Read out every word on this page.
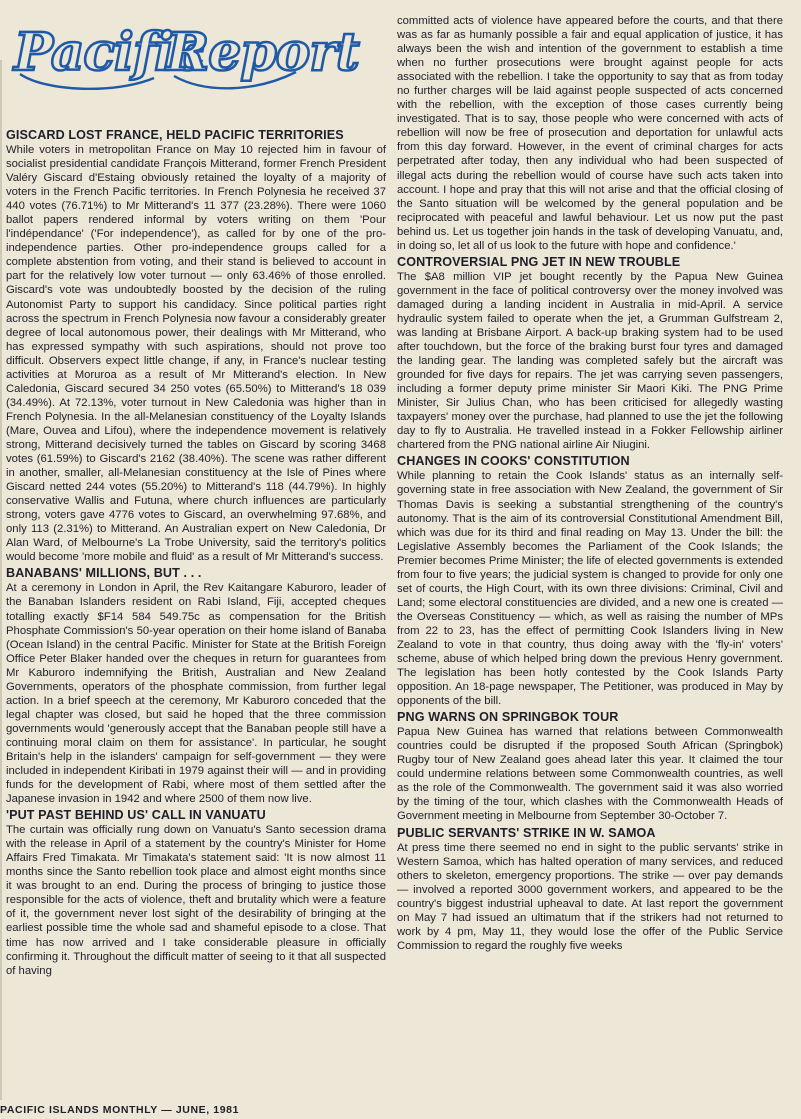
Pacific
Report
GISCARD LOST FRANCE, HELD PACIFIC TERRITORIES

While voters in metropolitan France on May 10 rejected him in favour of socialist presidential candidate François Mitterand, former French President Valéry Giscard d'Estaing obviously retained the loyalty of a majority of voters in the French Pacific territories. In French Polynesia he received 37 440 votes (76.71%) to Mr Mitterand's 11 377 (23.28%). There were 1060 ballot papers rendered informal by voters writing on them 'Pour l'indépendance' ('For independence'), as called for by one of the pro-independence parties. Other pro-independence groups called for a complete abstention from voting, and their stand is believed to account in part for the relatively low voter turnout — only 63.46% of those enrolled. Giscard's vote was undoubtedly boosted by the decision of the ruling Autonomist Party to support his candidacy. Since political parties right across the spectrum in French Polynesia now favour a considerably greater degree of local autonomous power, their dealings with Mr Mitterand, who has expressed sympathy with such aspirations, should not prove too difficult. Observers expect little change, if any, in France's nuclear testing activities at Moruroa as a result of Mr Mitterand's election. In New Caledonia, Giscard secured 34 250 votes (65.50%) to Mitterand's 18 039 (34.49%). At 72.13%, voter turnout in New Caledonia was higher than in French Polynesia. In the all-Melanesian constituency of the Loyalty Islands (Mare, Ouvea and Lifou), where the independence movement is relatively strong, Mitterand decisively turned the tables on Giscard by scoring 3468 votes (61.59%) to Giscard's 2162 (38.40%). The scene was rather different in another, smaller, all-Melanesian constituency at the Isle of Pines where Giscard netted 244 votes (55.20%) to Mitterand's 118 (44.79%). In highly conservative Wallis and Futuna, where church influences are particularly strong, voters gave 4776 votes to Giscard, an overwhelming 97.68%, and only 113 (2.31%) to Mitterand. An Australian expert on New Caledonia, Dr Alan Ward, of Melbourne's La Trobe University, said the territory's politics would become 'more mobile and fluid' as a result of Mr Mitterand's success.

BANABANS' MILLIONS, BUT . . .

At a ceremony in London in April, the Rev Kaitangare Kaburoro, leader of the Banaban Islanders resident on Rabi Island, Fiji, accepted cheques totalling exactly $F14 584 549.75c as compensation for the British Phosphate Commission's 50-year operation on their home island of Banaba (Ocean Island) in the central Pacific. Minister for State at the British Foreign Office Peter Blaker handed over the cheques in return for guarantees from Mr Kaburoro indemnifying the British, Australian and New Zealand Governments, operators of the phosphate commission, from further legal action. In a brief speech at the ceremony, Mr Kaburoro conceded that the legal chapter was closed, but said he hoped that the three commission governments would 'generously accept that the Banaban people still have a continuing moral claim on them for assistance'. In particular, he sought Britain's help in the islanders' campaign for self-government — they were included in independent Kiribati in 1979 against their will — and in providing funds for the development of Rabi, where most of them settled after the Japanese invasion in 1942 and where 2500 of them now live.

'PUT PAST BEHIND US' CALL IN VANUATU

The curtain was officially rung down on Vanuatu's Santo secession drama with the release in April of a statement by the country's Minister for Home Affairs Fred Timakata. Mr Timakata's statement said: 'It is now almost 11 months since the Santo rebellion took place and almost eight months since it was brought to an end. During the process of bringing to justice those responsible for the acts of violence, theft and brutality which were a feature of it, the government never lost sight of the desirability of bringing at the earliest possible time the whole sad and shameful episode to a close. That time has now arrived and I take considerable pleasure in officially confirming it. Throughout the difficult matter of seeing to it that all suspected of having

committed acts of violence have appeared before the courts, and that there was as far as humanly possible a fair and equal application of justice, it has always been the wish and intention of the government to establish a time when no further prosecutions were brought against people for acts associated with the rebellion. I take the opportunity to say that as from today no further charges will be laid against people suspected of acts concerned with the rebellion, with the exception of those cases currently being investigated. That is to say, those people who were concerned with acts of rebellion will now be free of prosecution and deportation for unlawful acts from this day forward. However, in the event of criminal charges for acts perpetrated after today, then any individual who had been suspected of illegal acts during the rebellion would of course have such acts taken into account. I hope and pray that this will not arise and that the official closing of the Santo situation will be welcomed by the general population and be reciprocated with peaceful and lawful behaviour. Let us now put the past behind us. Let us together join hands in the task of developing Vanuatu, and, in doing so, let all of us look to the future with hope and confidence.'

CONTROVERSIAL PNG JET IN NEW TROUBLE

The $A8 million VIP jet bought recently by the Papua New Guinea government in the face of political controversy over the money involved was damaged during a landing incident in Australia in mid-April. A service hydraulic system failed to operate when the jet, a Grumman Gulfstream 2, was landing at Brisbane Airport. A back-up braking system had to be used after touchdown, but the force of the braking burst four tyres and damaged the landing gear. The landing was completed safely but the aircraft was grounded for five days for repairs. The jet was carrying seven passengers, including a former deputy prime minister Sir Maori Kiki. The PNG Prime Minister, Sir Julius Chan, who has been criticised for allegedly wasting taxpayers' money over the purchase, had planned to use the jet the following day to fly to Australia. He travelled instead in a Fokker Fellowship airliner chartered from the PNG national airline Air Niugini.

CHANGES IN COOKS' CONSTITUTION

While planning to retain the Cook Islands' status as an internally self-governing state in free association with New Zealand, the government of Sir Thomas Davis is seeking a substantial strengthening of the country's autonomy. That is the aim of its controversial Constitutional Amendment Bill, which was due for its third and final reading on May 13. Under the bill: the Legislative Assembly becomes the Parliament of the Cook Islands; the Premier becomes Prime Minister; the life of elected governments is extended from four to five years; the judicial system is changed to provide for only one set of courts, the High Court, with its own three divisions: Criminal, Civil and Land; some electoral constituencies are divided, and a new one is created — the Overseas Constituency — which, as well as raising the number of MPs from 22 to 23, has the effect of permitting Cook Islanders living in New Zealand to vote in that country, thus doing away with the 'fly-in' voters' scheme, abuse of which helped bring down the previous Henry government. The legislation has been hotly contested by the Cook Islands Party opposition. An 18-page newspaper, The Petitioner, was produced in May by opponents of the bill.

PNG WARNS ON SPRINGBOK TOUR

Papua New Guinea has warned that relations between Commonwealth countries could be disrupted if the proposed South African (Springbok) Rugby tour of New Zealand goes ahead later this year. It claimed the tour could undermine relations between some Commonwealth countries, as well as the role of the Commonwealth. The government said it was also worried by the timing of the tour, which clashes with the Commonwealth Heads of Government meeting in Melbourne from September 30-October 7.

PUBLIC SERVANTS' STRIKE IN W. SAMOA

At press time there seemed no end in sight to the public servants' strike in Western Samoa, which has halted operation of many services, and reduced others to skeleton, emergency proportions. The strike — over pay demands — involved a reported 3000 government workers, and appeared to be the country's biggest industrial upheaval to date. At last report the government on May 7 had issued an ultimatum that if the strikers had not returned to work by 4 pm, May 11, they would lose the offer of the Public Service Commission to regard the roughly five weeks

PACIFIC ISLANDS MONTHLY — JUNE, 1981
